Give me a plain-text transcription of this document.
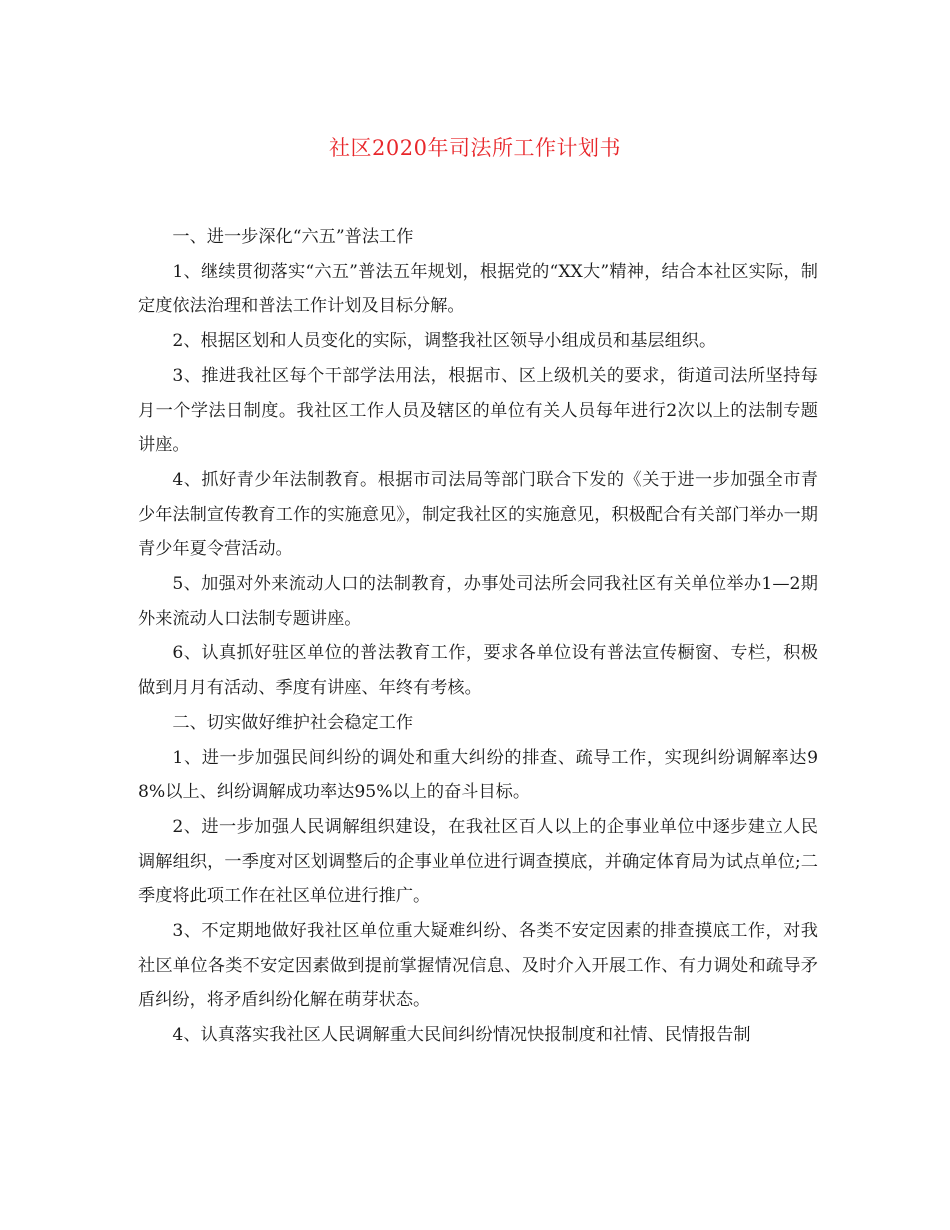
社区2020年司法所工作计划书

一、进一步深化“六五”普法工作

1、继续贯彻落实“六五”普法五年规划，根据党的“XX大”精神，结合本社区实际，制定度依法治理和普法工作计划及目标分解。

2、根据区划和人员变化的实际，调整我社区领导小组成员和基层组织。

3、推进我社区每个干部学法用法，根据市、区上级机关的要求，街道司法所坚持每月一个学法日制度。我社区工作人员及辖区的单位有关人员每年进行2次以上的法制专题讲座。

4、抓好青少年法制教育。根据市司法局等部门联合下发的《关于进一步加强全市青少年法制宣传教育工作的实施意见》，制定我社区的实施意见，积极配合有关部门举办一期青少年夏令营活动。

5、加强对外来流动人口的法制教育，办事处司法所会同我社区有关单位举办1—2期外来流动人口法制专题讲座。

6、认真抓好驻区单位的普法教育工作，要求各单位设有普法宣传橱窗、专栏，积极做到月月有活动、季度有讲座、年终有考核。

二、切实做好维护社会稳定工作

1、进一步加强民间纠纷的调处和重大纠纷的排查、疏导工作，实现纠纷调解率达98%以上、纠纷调解成功率达95%以上的奋斗目标。

2、进一步加强人民调解组织建设，在我社区百人以上的企事业单位中逐步建立人民调解组织，一季度对区划调整后的企事业单位进行调查摸底，并确定体育局为试点单位;二季度将此项工作在社区单位进行推广。

3、不定期地做好我社区单位重大疑难纠纷、各类不安定因素的排查摸底工作，对我社区单位各类不安定因素做到提前掌握情况信息、及时介入开展工作、有力调处和疏导矛盾纠纷，将矛盾纠纷化解在萌芽状态。

4、认真落实我社区人民调解重大民间纠纷情况快报制度和社情、民情报告制
